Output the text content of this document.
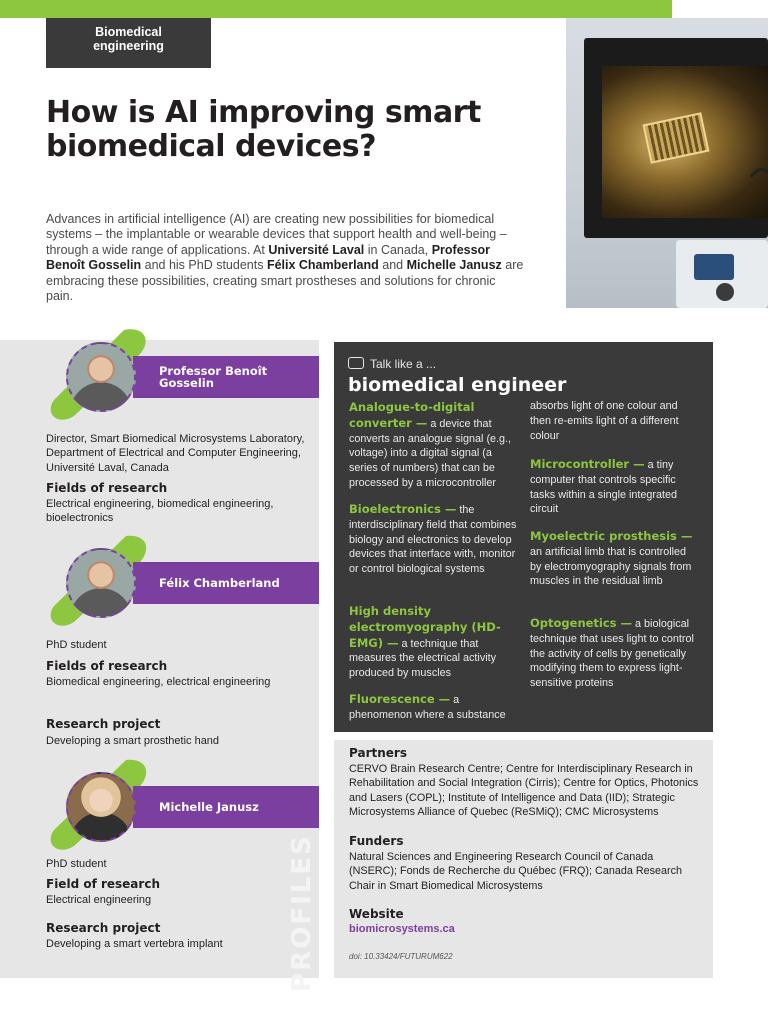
Biomedical
engineering
How is AI improving smart
biomedical devices?

Advances in artificial intelligence (AI) are creating new possibilities for biomedical systems – the implantable or wearable devices that support health and well-being – through a wide range of applications. At Université Laval in Canada, Professor Benoît Gosselin and his PhD students Félix Chamberland and Michelle Janusz are embracing these possibilities, creating smart prostheses and solutions for chronic pain.

Professor Benoît
Gosselin

Director, Smart Biomedical Microsystems Laboratory, Department of Electrical and Computer Engineering, Université Laval, Canada

Fields of research

Electrical engineering, biomedical engineering, bioelectronics

Félix Chamberland

PhD student

Fields of research

Biomedical engineering, electrical engineering

Research project

Developing a smart prosthetic hand

Michelle Janusz

PhD student

Field of research

Electrical engineering

Research project

Developing a smart vertebra implant	PROFILES
Talk like a ...
biomedical engineer

Analogue-to-digital converter — a device that converts an analogue signal (e.g., voltage) into a digital signal (a series of numbers) that can be processed by a microcontroller

Bioelectronics — the interdisciplinary field that combines biology and electronics to develop devices that interface with, monitor or control biological systems

High density electromyography (HD-EMG) — a technique that measures the electrical activity produced by muscles

Fluorescence — a phenomenon where a substance

absorbs light of one colour and then re-emits light of a different colour

Microcontroller — a tiny computer that controls specific tasks within a single integrated circuit

Myoelectric prosthesis — an artificial limb that is controlled by electromyography signals from muscles in the residual limb

Optogenetics — a biological technique that uses light to control the activity of cells by genetically modifying them to express light-sensitive proteins

Partners

CERVO Brain Research Centre; Centre for Interdisciplinary Research in Rehabilitation and Social Integration (Cirris); Centre for Optics, Photonics and Lasers (COPL); Institute of Intelligence and Data (IID); Strategic Microsystems Alliance of Quebec (ReSMiQ); CMC Microsystems

Funders

Natural Sciences and Engineering Research Council of Canada (NSERC); Fonds de Recherche du Québec (FRQ); Canada Research Chair in Smart Biomedical Microsystems

Website
biomicrosystems.ca
doi: 10.33424/FUTURUM622
